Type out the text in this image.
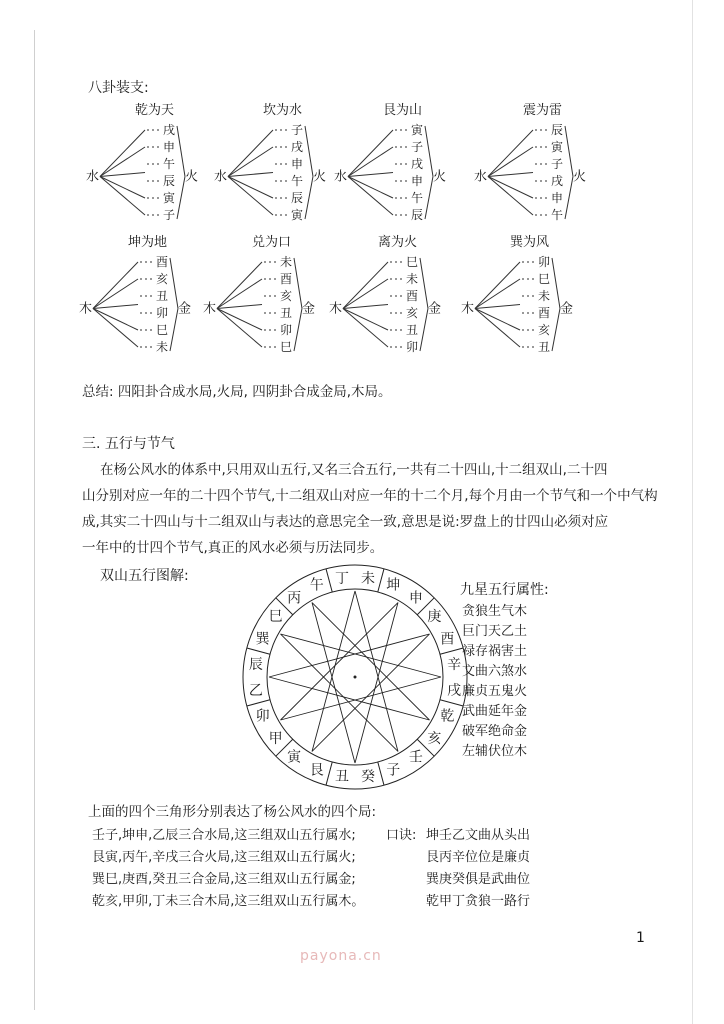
八卦装支:
乾为天
戌
申
午
辰
寅
子
水	火
坎为水
子
戌
申
午
辰
寅
水	火
艮为山
寅
子
戌
申
午
辰
水	火
震为雷
辰
寅
子
戌
申
午
水	火
坤为地
酉
亥
丑
卯
巳
未
木	金
兑为口
未
酉
亥
丑
卯
巳
木	金
离为火
巳
未
酉
亥
丑
卯
木	金
巽为风
卯
巳
未
酉
亥
丑
木	金
总结: 四阳卦合成水局,火局, 四阴卦合成金局,木局。
三. 五行与节气
在杨公风水的体系中,只用双山五行,又名三合五行,一共有二十四山,十二组双山,二十四
山分别对应一年的二十四个节气,十二组双山对应一年的十二个月,每个月由一个节气和一个中气构
成,其实二十四山与十二组双山与表达的意思完全一致,意思是说:罗盘上的廿四山必须对应
一年中的廿四个节气,真正的风水必须与历法同步。
双山五行图解:
丙
午 丁 未 坤
申
庚
酉
辛
戌
乾
亥
壬
子
癸
丑
艮
寅
甲
卯
乙
辰
巽
巳
九星五行属性:
贪狼生气木
巨门天乙土
禄存祸害土
文曲六煞水
廉贞五鬼火
武曲延年金
破军绝命金
左辅伏位木
上面的四个三角形分别表达了杨公风水的四个局:
壬子,坤申,乙辰三合水局,这三组双山五行属水;
艮寅,丙午,辛戌三合火局,这三组双山五行属火;
巽巳,庚酉,癸丑三合金局,这三组双山五行属金;
乾亥,甲卯,丁未三合木局,这三组双山五行属木。
口诀: 坤壬乙文曲从头出
艮丙辛位位是廉贞
巽庚癸俱是武曲位
乾甲丁贪狼一路行
1
payona.cn
